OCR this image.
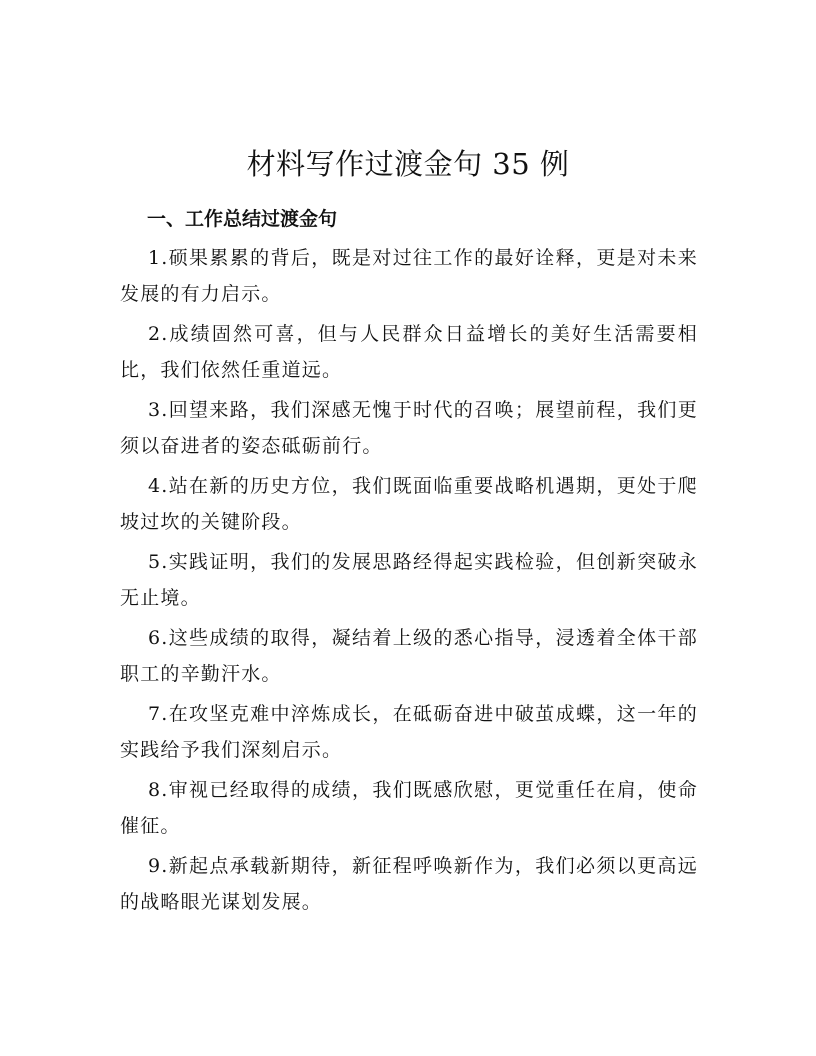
材料写作过渡金句 35 例
一、工作总结过渡金句
1.硕果累累的背后，既是对过往工作的最好诠释，更是对未来发展的有力启示。
2.成绩固然可喜，但与人民群众日益增长的美好生活需要相比，我们依然任重道远。
3.回望来路，我们深感无愧于时代的召唤；展望前程，我们更须以奋进者的姿态砥砺前行。
4.站在新的历史方位，我们既面临重要战略机遇期，更处于爬坡过坎的关键阶段。
5.实践证明，我们的发展思路经得起实践检验，但创新突破永无止境。
6.这些成绩的取得，凝结着上级的悉心指导，浸透着全体干部职工的辛勤汗水。
7.在攻坚克难中淬炼成长，在砥砺奋进中破茧成蝶，这一年的实践给予我们深刻启示。
8.审视已经取得的成绩，我们既感欣慰，更觉重任在肩，使命催征。
9.新起点承载新期待，新征程呼唤新作为，我们必须以更高远的战略眼光谋划发展。
